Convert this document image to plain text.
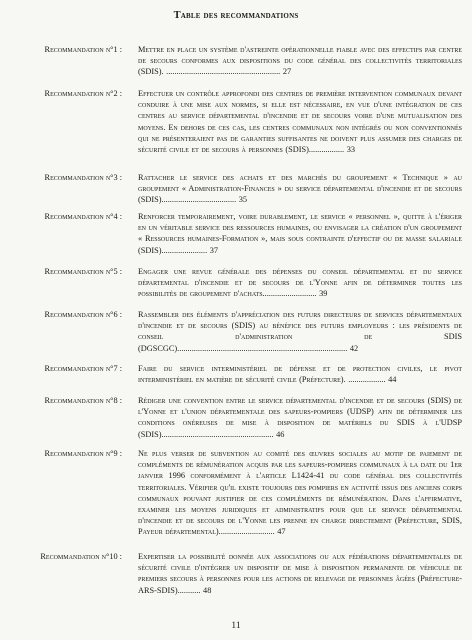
Table des recommandations
Recommandation n°1 :	Mettre en place un système d'astreinte opérationnelle fiable avec des effectifs par centre de secours conformes aux dispositions du code général des collectivités territoriales (SDIS). ....................................................... 27
Recommandation n°2 :	Effectuer un contrôle approfondi des centres de première intervention communaux devant conduire à une mise aux normes, si elle est nécessaire, en vue d'une intégration de ces centres au service départemental d'incendie et de secours voire d'une mutualisation des moyens. En dehors de ces cas, les centres communaux non intégrés ou non conventionnés qui ne présenteraient pas de garanties suffisantes ne doivent plus assumer des charges de sécurité civile et de secours à personnes (SDIS)................. 33
Recommandation n°3 :	Rattacher le service des achats et des marchés du groupement « Technique » au groupement « Administration-Finances » du service départemental d'incendie et de secours (SDIS).................................... 35
Recommandation n°4 :	Renforcer temporairement, voire durablement, le service « personnel », quitte à l'ériger en un véritable service des ressources humaines, ou envisager la création d'un groupement « Ressources humaines-Formation », mais sous contrainte d'effectif ou de masse salariale (SDIS)...................... 37
Recommandation n°5 :	Engager une revue générale des dépenses du conseil départemental et du service départemental d'incendie et de secours de l'Yonne afin de déterminer toutes les possibilités de groupement d'achats.......................... 39
Recommandation n°6 :	Rassembler des éléments d'appréciation des futurs directeurs de services départementaux d'incendie et de secours (SDIS) au bénéfice des futurs employeurs : les présidents de conseil d'administration de SDIS (DGSCGC).................................................................................. 42
Recommandation n°7 :	Faire du service interministériel de défense et de protection civiles, le pivot interministériel en matière de sécurité civile (Préfecture). .................. 44
Recommandation n°8 :	Rédiger une convention entre le service départemental d'incendie et de secours (SDIS) de l'Yonne et l'union départementale des sapeurs-pompiers (UDSP) afin de déterminer les conditions onéreuses de mise à disposition de matériels du SDIS à l'UDSP (SDIS)...................................................... 46
Recommandation n°9 :	Ne plus verser de subvention au comité des œuvres sociales au motif de paiement de compléments de rémunération acquis par les sapeurs-pompiers communaux à la date du 1er janvier 1996 conformément à l'article L1424-41 du code général des collectivités territoriales. Vérifier qu'il existe toujours des pompiers en activité issus des anciens corps communaux pouvant justifier de ces compléments de rémunération. Dans l'affirmative, examiner les moyens juridiques et administratifs pour que le service départemental d'incendie et de secours de l'Yonne les prenne en charge directement (Préfecture, SDIS, Payeur départemental)........................... 47
Recommandation n°10 :	Expertiser la possibilité donnée aux associations ou aux fédérations départementales de sécurité civile d'intégrer un dispositif de mise à disposition permanente de véhicule de premiers secours à personnes pour les actions de relevage de personnes âgées (Préfecture-ARS-SDIS)........... 48
11
